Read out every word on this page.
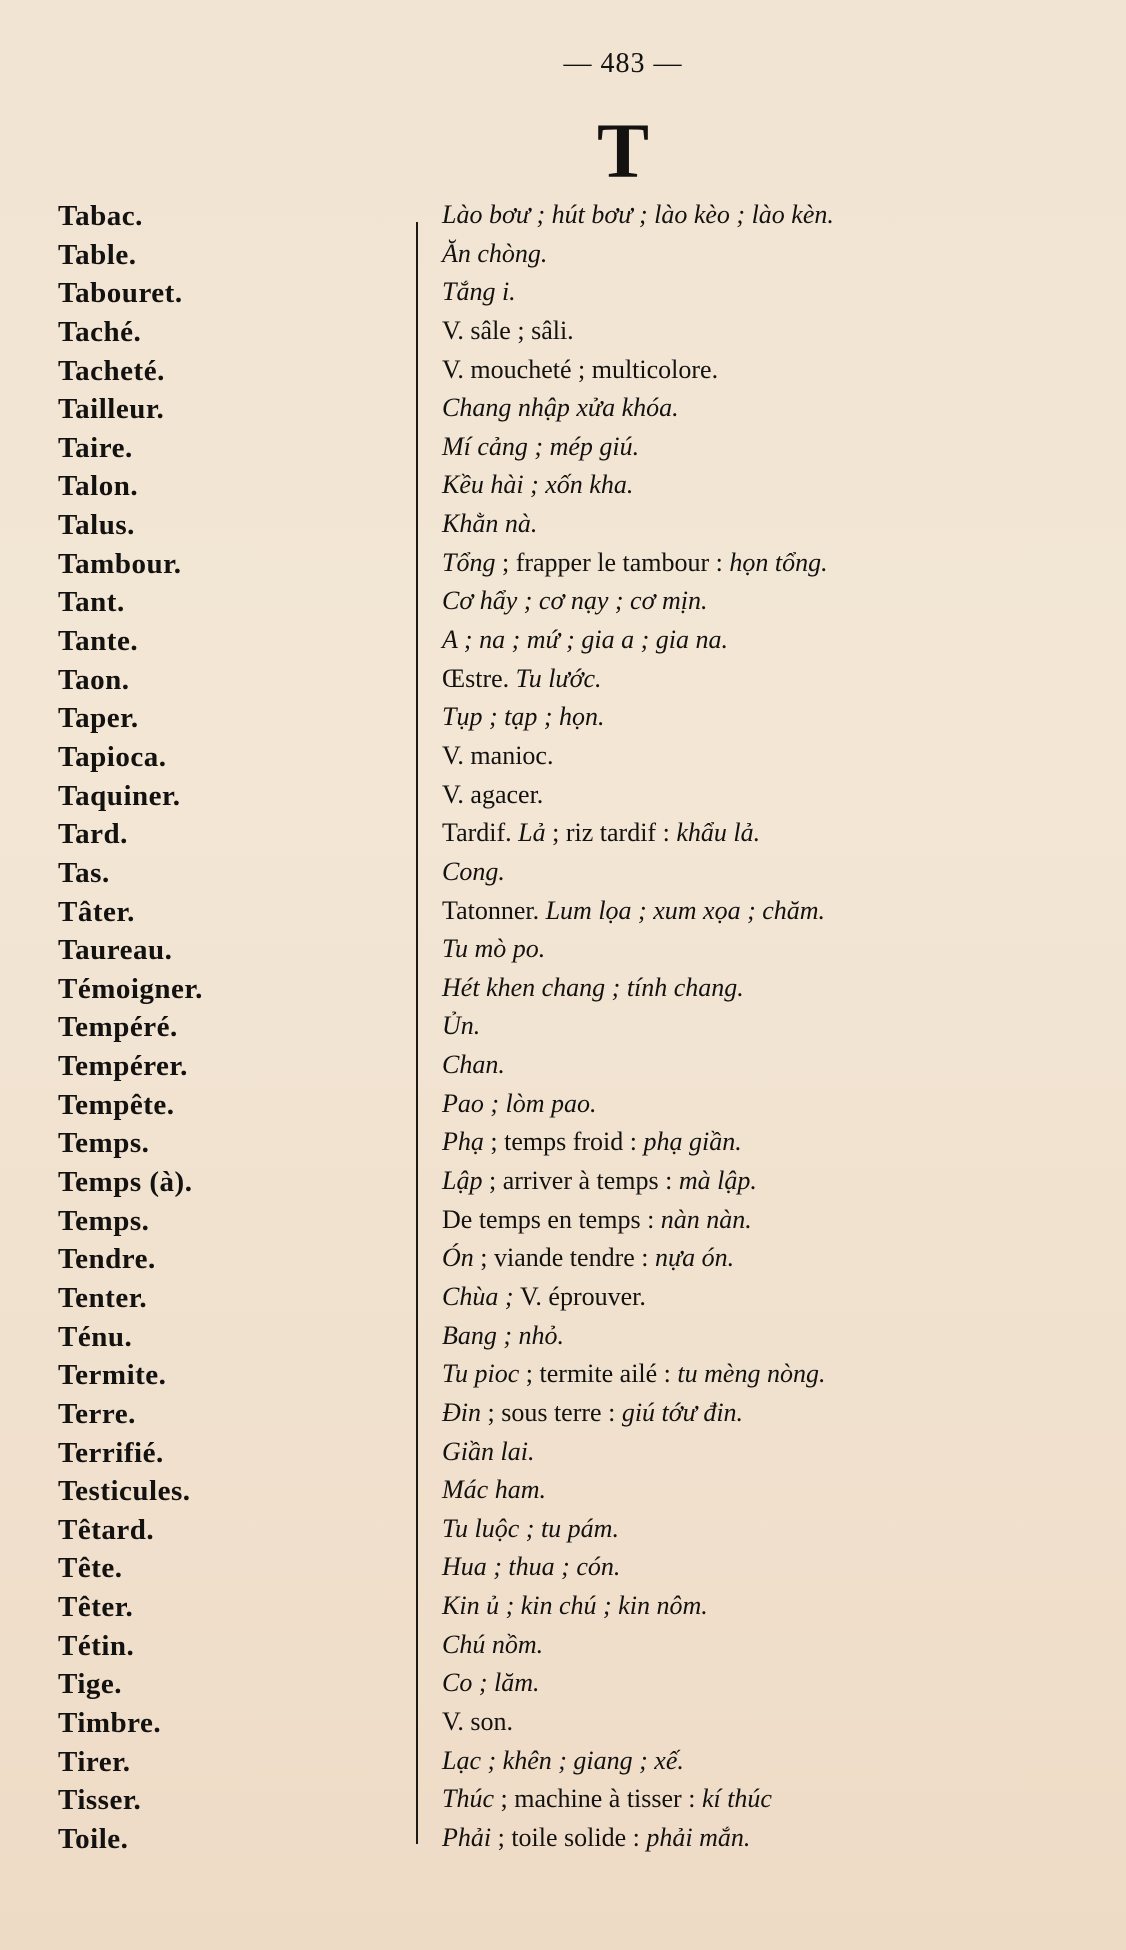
— 483 —
T
Tabac.	Lào bơư ; hút bơư ; lào kèo ; lào kèn.
Table.	Ăn chòng.
Tabouret.	Tắng i.
Taché.	V. sâle ; sâli.
Tacheté.	V. moucheté ; multicolore.
Tailleur.	Chang nhập xửa khóa.
Taire.	Mí cảng ; mép giú.
Talon.	Kều hài ; xốn kha.
Talus.	Khằn nà.
Tambour.	Tổng ; frapper le tambour : họn tổng.
Tant.	Cơ hẩy ; cơ nạy ; cơ mịn.
Tante.	A ; na ; mứ ; gia a ; gia na.
Taon.	Œstre. Tu lước.
Taper.	Tụp ; tạp ; họn.
Tapioca.	V. manioc.
Taquiner.	V. agacer.
Tard.	Tardif. Lả ; riz tardif : khẩu lả.
Tas.	Cong.
Tâter.	Tatonner. Lum lọa ; xum xọa ; chăm.
Taureau.	Tu mò po.
Témoigner.	Hét khen chang ; tính chang.
Tempéré.	Ủn.
Tempérer.	Chan.
Tempête.	Pao ; lòm pao.
Temps.	Phạ ; temps froid : phạ giần.
Temps (à).	Lập ; arriver à temps : mà lập.
Temps.	De temps en temps : nàn nàn.
Tendre.	Ón ; viande tendre : nựa ón.
Tenter.	Chùa ; V. éprouver.
Ténu.	Bang ; nhỏ.
Termite.	Tu pioc ; termite ailé : tu mèng nòng.
Terre.	Đin ; sous terre : giú tớư đin.
Terrifié.	Giần lai.
Testicules.	Mác ham.
Têtard.	Tu luộc ; tu pám.
Tête.	Hua ; thua ; cón.
Têter.	Kin ủ ; kin chú ; kin nôm.
Tétin.	Chú nồm.
Tige.	Co ; lăm.
Timbre.	V. son.
Tirer.	Lạc ; khên ; giang ; xế.
Tisser.	Thúc ; machine à tisser : kí thúc
Toile.	Phải ; toile solide : phải mắn.
